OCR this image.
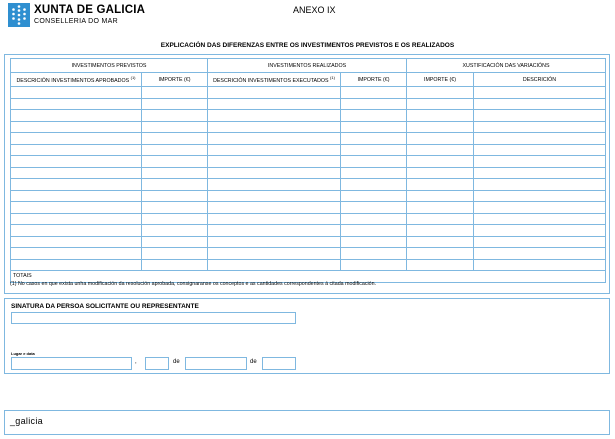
XUNTA DE GALICIA
CONSELLERIA DO MAR
ANEXO IX
EXPLICACIÓN DAS DIFERENZAS ENTRE OS INVESTIMENTOS PREVISTOS E OS REALIZADOS
INVESTIMENTOS PREVISTOS		INVESTIMENTOS REALIZADOS		XUSTIFICACIÓN DAS VARIACIÓNS	
DESCRICIÓN INVESTIMENTOS APROBADOS $^{(1)}$	IMPORTE (€)	DESCRICIÓN INVESTIMENTOS EXECUTADOS $^{(1)}$	IMPORTE (€)	IMPORTE (€)	DESCRICIÓN

TOTAIS					
(1) No casos en que exista unha modificación da resolución aprobada, consignaranse os conceptos e as cantidades correspondentes á citada modificación.
SINATURA DA PERSOA SOLICITANTE OU REPRESENTANTE
Lugar e data
,	de	de
_galicia
